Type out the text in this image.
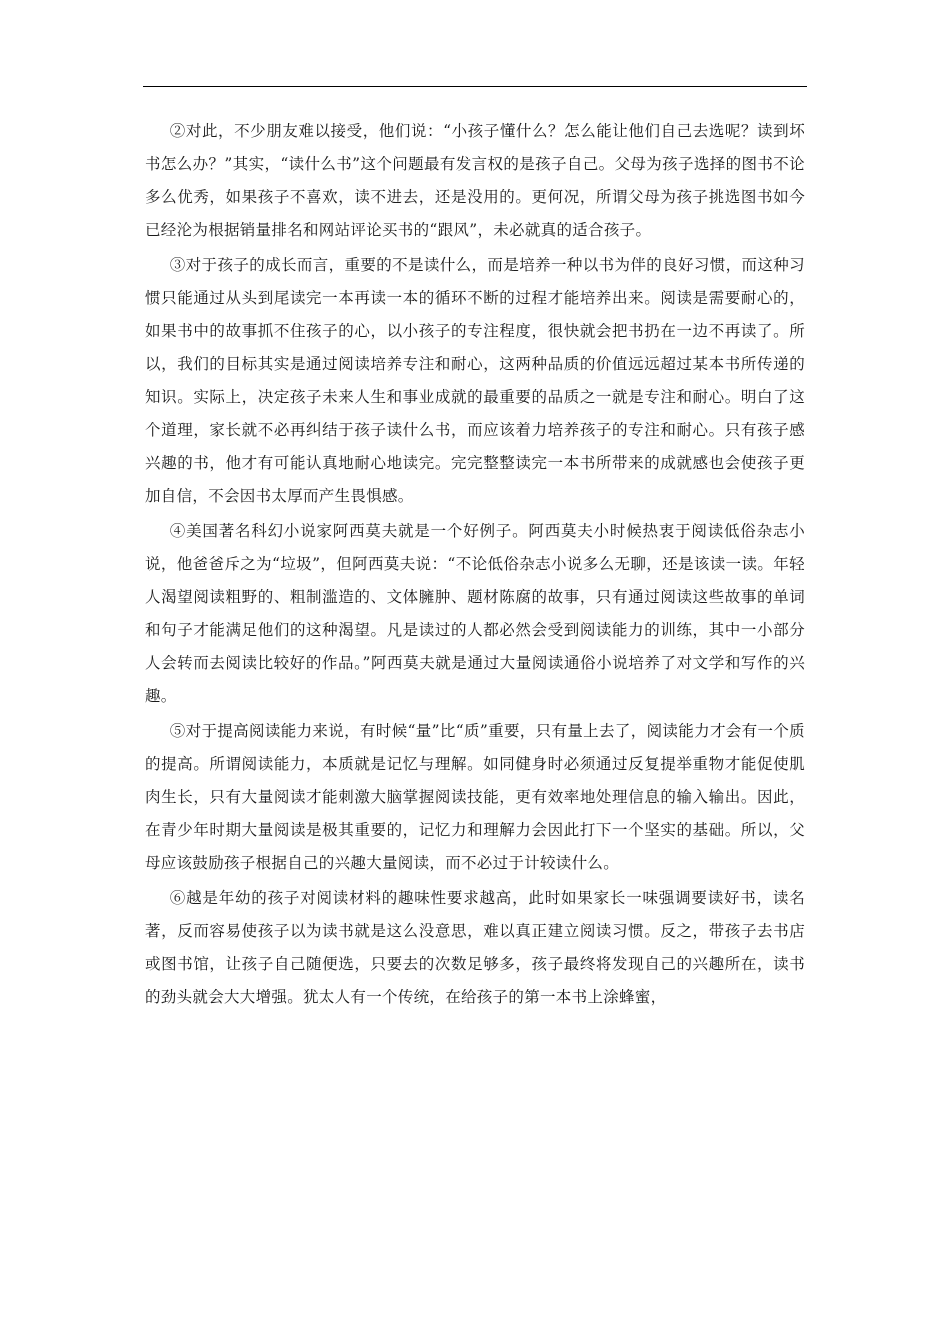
②对此，不少朋友难以接受，他们说：“小孩子懂什么？怎么能让他们自己去选呢？读到坏书怎么办？”其实，“读什么书”这个问题最有发言权的是孩子自己。父母为孩子选择的图书不论多么优秀，如果孩子不喜欢，读不进去，还是没用的。更何况，所谓父母为孩子挑选图书如今已经沦为根据销量排名和网站评论买书的“跟风”，未必就真的适合孩子。

③对于孩子的成长而言，重要的不是读什么，而是培养一种以书为伴的良好习惯，而这种习惯只能通过从头到尾读完一本再读一本的循环不断的过程才能培养出来。阅读是需要耐心的，如果书中的故事抓不住孩子的心，以小孩子的专注程度，很快就会把书扔在一边不再读了。所以，我们的目标其实是通过阅读培养专注和耐心，这两种品质的价值远远超过某本书所传递的知识。实际上，决定孩子未来人生和事业成就的最重要的品质之一就是专注和耐心。明白了这个道理，家长就不必再纠结于孩子读什么书，而应该着力培养孩子的专注和耐心。只有孩子感兴趣的书，他才有可能认真地耐心地读完。完完整整读完一本书所带来的成就感也会使孩子更加自信，不会因书太厚而产生畏惧感。

④美国著名科幻小说家阿西莫夫就是一个好例子。阿西莫夫小时候热衷于阅读低俗杂志小说，他爸爸斥之为“垃圾”，但阿西莫夫说：“不论低俗杂志小说多么无聊，还是该读一读。年轻人渴望阅读粗野的、粗制滥造的、文体臃肿、题材陈腐的故事，只有通过阅读这些故事的单词和句子才能满足他们的这种渴望。凡是读过的人都必然会受到阅读能力的训练，其中一小部分人会转而去阅读比较好的作品。”阿西莫夫就是通过大量阅读通俗小说培养了对文学和写作的兴趣。

⑤对于提高阅读能力来说，有时候“量”比“质”重要，只有量上去了，阅读能力才会有一个质的提高。所谓阅读能力，本质就是记忆与理解。如同健身时必须通过反复提举重物才能促使肌肉生长，只有大量阅读才能刺激大脑掌握阅读技能，更有效率地处理信息的输入输出。因此，在青少年时期大量阅读是极其重要的，记忆力和理解力会因此打下一个坚实的基础。所以，父母应该鼓励孩子根据自己的兴趣大量阅读，而不必过于计较读什么。

⑥越是年幼的孩子对阅读材料的趣味性要求越高，此时如果家长一味强调要读好书，读名著，反而容易使孩子以为读书就是这么没意思，难以真正建立阅读习惯。反之，带孩子去书店或图书馆，让孩子自己随便选，只要去的次数足够多，孩子最终将发现自己的兴趣所在，读书的劲头就会大大增强。犹太人有一个传统，在给孩子的第一本书上涂蜂蜜，
